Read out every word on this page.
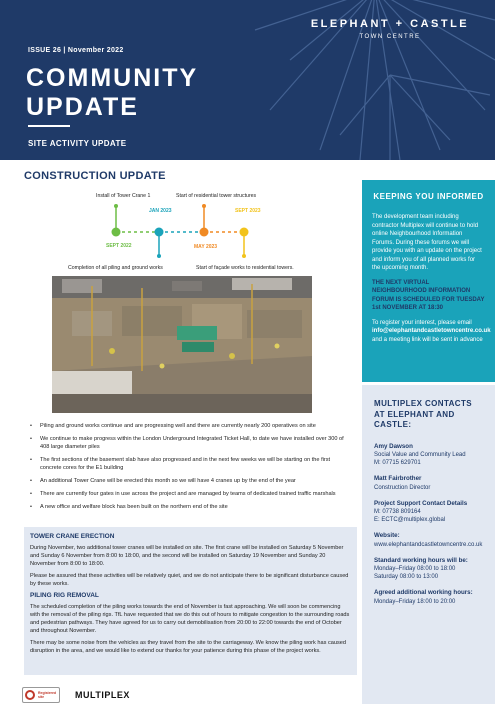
ELEPHANT + CASTLE
TOWN CENTRE
ISSUE 26 | November 2022
COMMUNITY
UPDATE
SITE ACTIVITY UPDATE
CONSTRUCTION UPDATE
Install of Tower Crane 1	Start of residential tower structures
SEPT 2022
JAN 2023
MAY 2023
SEPT 2023
Completion of all piling and ground works	Start of façade works to residential towers.
• Piling and ground works continue and are progressing well and there are currently nearly 200 operatives on site
• We continue to make progress within the London Underground Integrated Ticket Hall, to date we have installed over 300 of 408 large diameter piles
• The first sections of the basement slab have also progressed and in the next few weeks we will be starting on the first concrete cores for the E1 building
• An additional Tower Crane will be erected this month so we will have 4 cranes up by the end of the year
• There are currently four gates in use across the project and are managed by teams of dedicated trained traffic marshals
• A new office and welfare block has been built on the northern end of the site
TOWER CRANE ERECTION

During November, two additional tower cranes will be installed on site. The first crane will be installed on Saturday 5 November and Sunday 6 November from 8:00 to 18:00, and the second will be installed on Saturday 19 November and Sunday 20 November from 8:00 to 18:00.

Please be assured that these activities will be relatively quiet, and we do not anticipate there to be significant disturbance caused by these works.

PILING RIG REMOVAL

The scheduled completion of the piling works towards the end of November is fast approaching. We will soon be commencing with the removal of the piling rigs. TfL have requested that we do this out of hours to mitigate congestion to the surrounding roads and pedestrian pathways. They have agreed for us to carry out demobilisation from 20:00 to 22:00 towards the end of October and throughout November.

There may be some noise from the vehicles as they travel from the site to the carriageway. We know the piling work has caused disruption in the area, and we would like to extend our thanks for your patience during this phase of the project works.

KEEPING YOU INFORMED

The development team including contractor Multiplex will continue to hold online Neighbourhood Information Forums. During these forums we will provide you with an update on the project and inform you of all planned works for the upcoming month.

THE NEXT VIRTUAL NEIGHBOURHOOD INFORMATION FORUM IS SCHEDULED FOR TUESDAY 1st NOVEMBER AT 18:30

To register your interest, please email info@elephantandcastletowncentre.co.uk and a meeting link will be sent in advance

MULTIPLEX CONTACTS AT ELEPHANT AND CASTLE:
Amy Dawson
Social Value and Community Lead
M: 07715 629701
Matt Fairbrother
Construction Director
Project Support Contact Details
M: 07738 809164
E: ECTC@multiplex.global
Website:
www.elephantandcastletowncentre.co.uk
Standard working hours will be:
Monday–Friday 08:00 to 18:00
Saturday 08:00 to 13:00
Agreed additional working hours:
Monday–Friday 18:00 to 20:00
Registered site	MULTIPLEX
